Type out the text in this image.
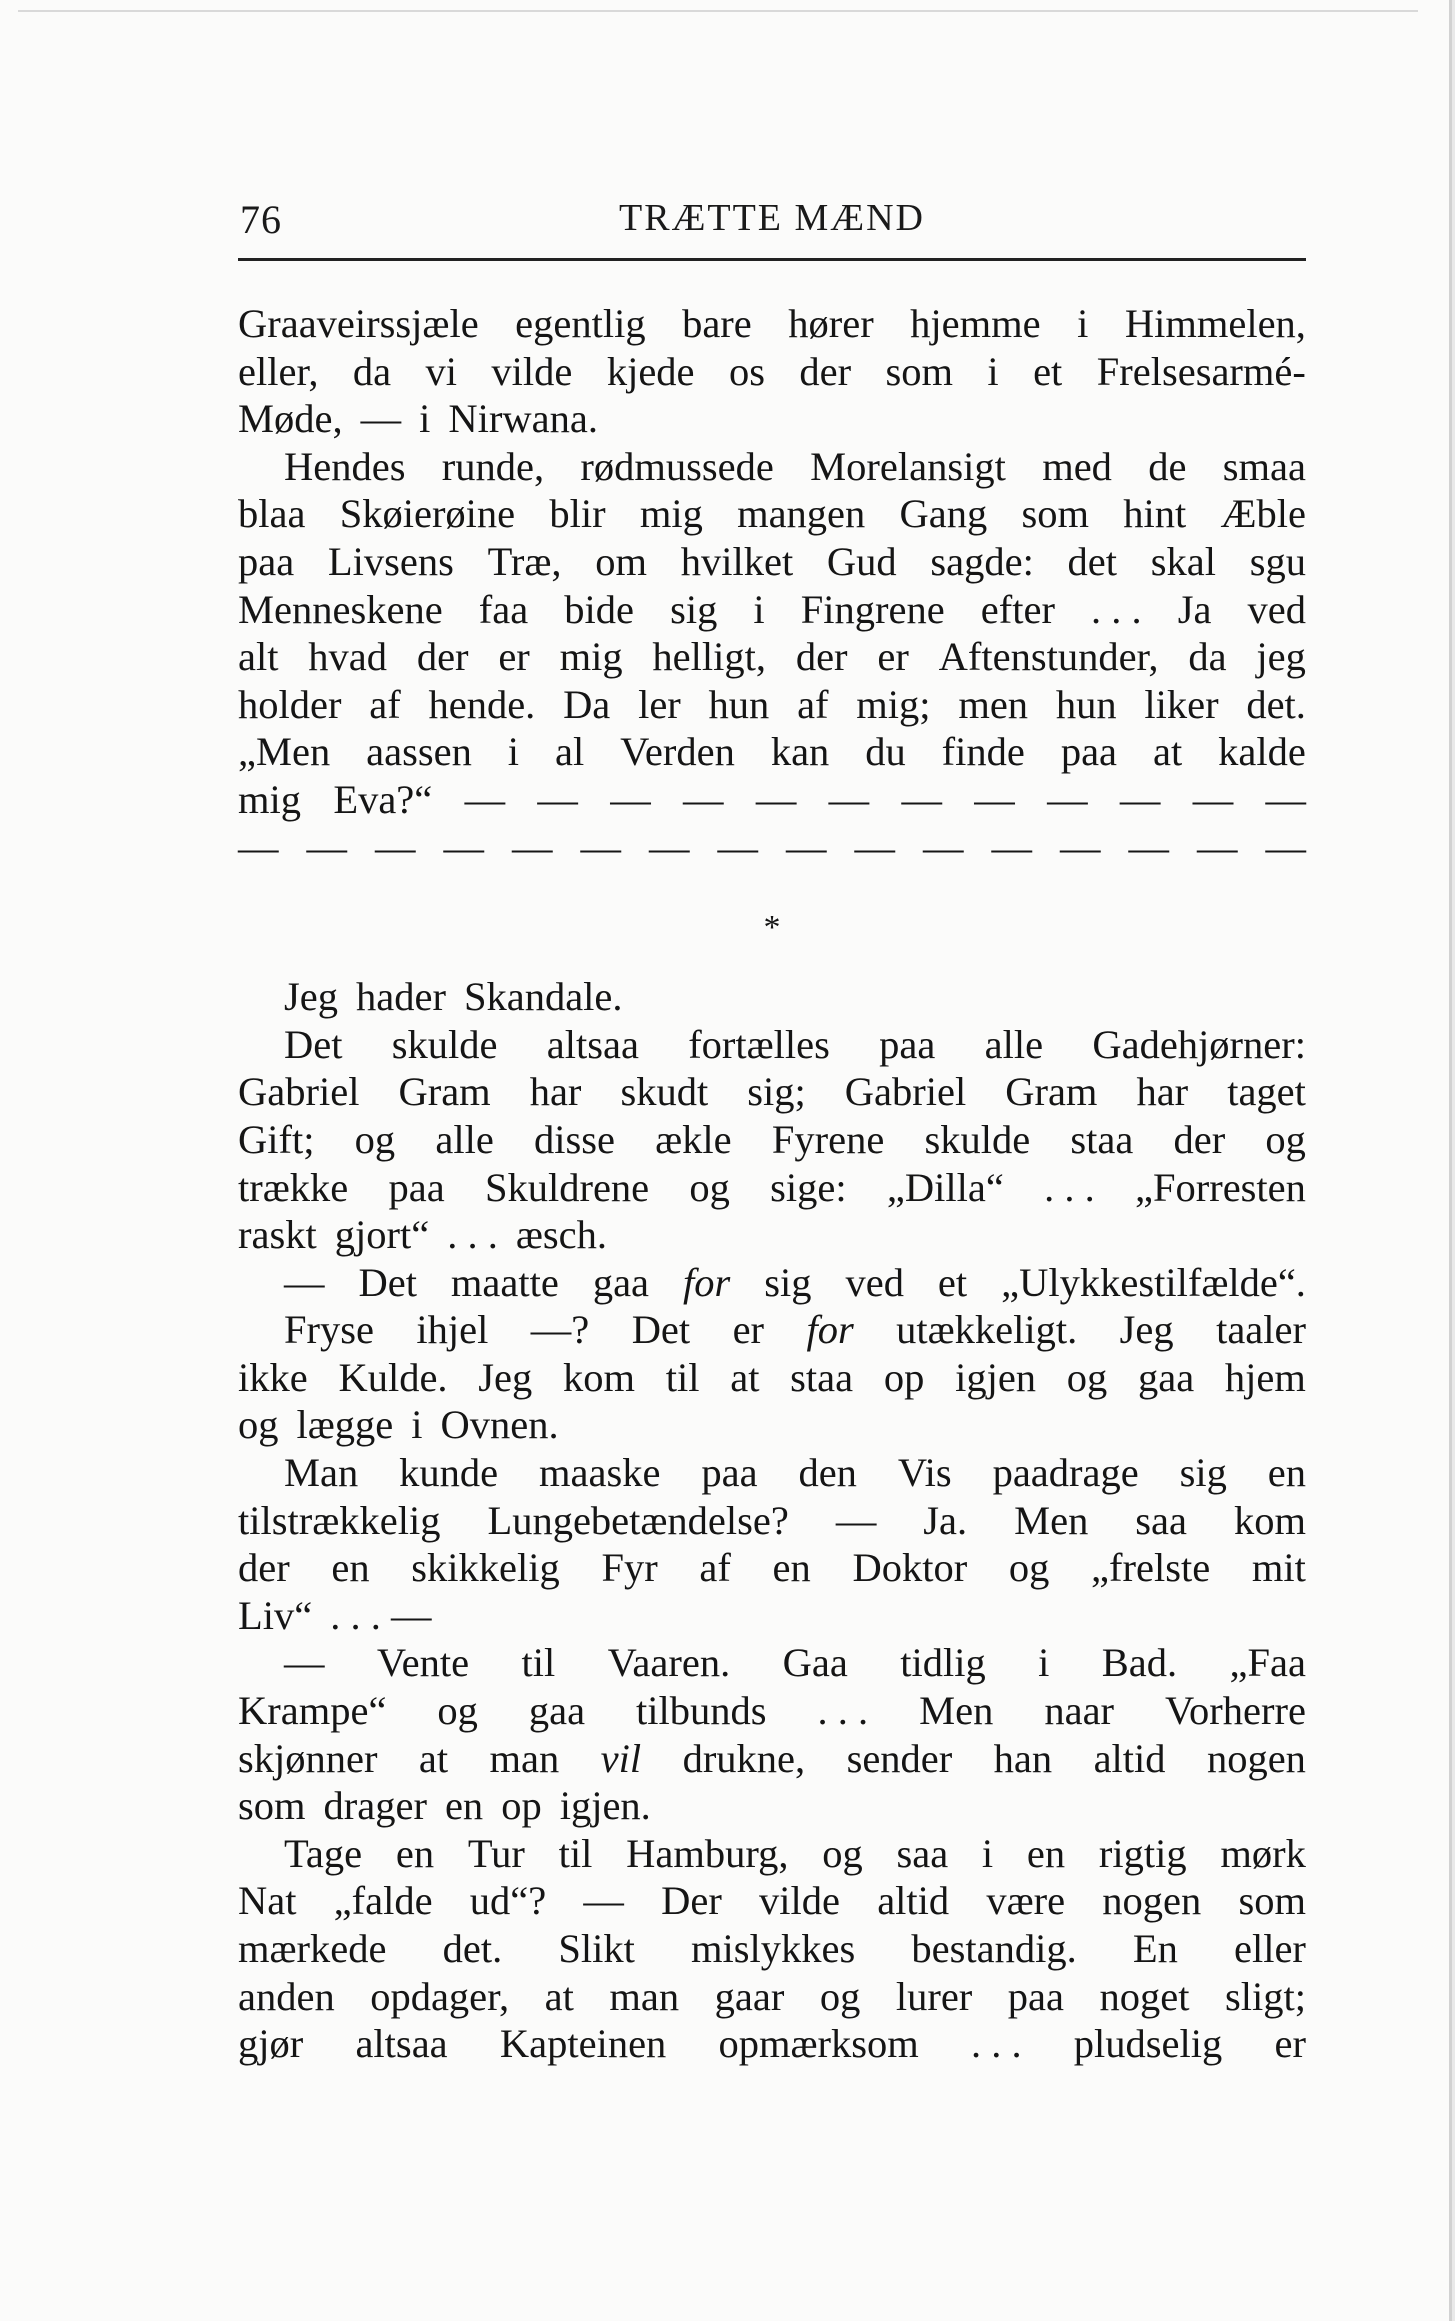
76	TRÆTTE MÆND
Graaveirssjæle egentlig bare hører hjemme i Himmelen,
eller, da vi vilde kjede os der som i et Frelsesarmé-
Møde, — i Nirwana.
Hendes runde, rødmussede Morelansigt med de smaa
blaa Skøierøine blir mig mangen Gang som hint Æble
paa Livsens Træ, om hvilket Gud sagde: det skal sgu
Menneskene faa bide sig i Fingrene efter . . . Ja ved
alt hvad der er mig helligt, der er Aftenstunder, da jeg
holder af hende. Da ler hun af mig; men hun liker det.
„Men aassen i al Verden kan du finde paa at kalde
mig Eva?“ — — — — — — — — — — — —
— — — — — — — — — — — — — — — —
*
Jeg hader Skandale.
Det skulde altsaa fortælles paa alle Gadehjørner:
Gabriel Gram har skudt sig; Gabriel Gram har taget
Gift; og alle disse ækle Fyrene skulde staa der og
trække paa Skuldrene og sige: „Dilla“ . . . „Forresten
raskt gjort“ . . . æsch.
— Det maatte gaa for sig ved et „Ulykkestilfælde“.
Fryse ihjel —? Det er for utækkeligt. Jeg taaler
ikke Kulde. Jeg kom til at staa op igjen og gaa hjem
og lægge i Ovnen.
Man kunde maaske paa den Vis paadrage sig en
tilstrækkelig Lungebetændelse? — Ja. Men saa kom
der en skikkelig Fyr af en Doktor og „frelste mit
Liv“ . . . —
— Vente til Vaaren. Gaa tidlig i Bad. „Faa
Krampe“ og gaa tilbunds . . . Men naar Vorherre
skjønner at man vil drukne, sender han altid nogen
som drager en op igjen.
Tage en Tur til Hamburg, og saa i en rigtig mørk
Nat „falde ud“? — Der vilde altid være nogen som
mærkede det. Slikt mislykkes bestandig. En eller
anden opdager, at man gaar og lurer paa noget sligt;
gjør altsaa Kapteinen opmærksom . . . pludselig er
